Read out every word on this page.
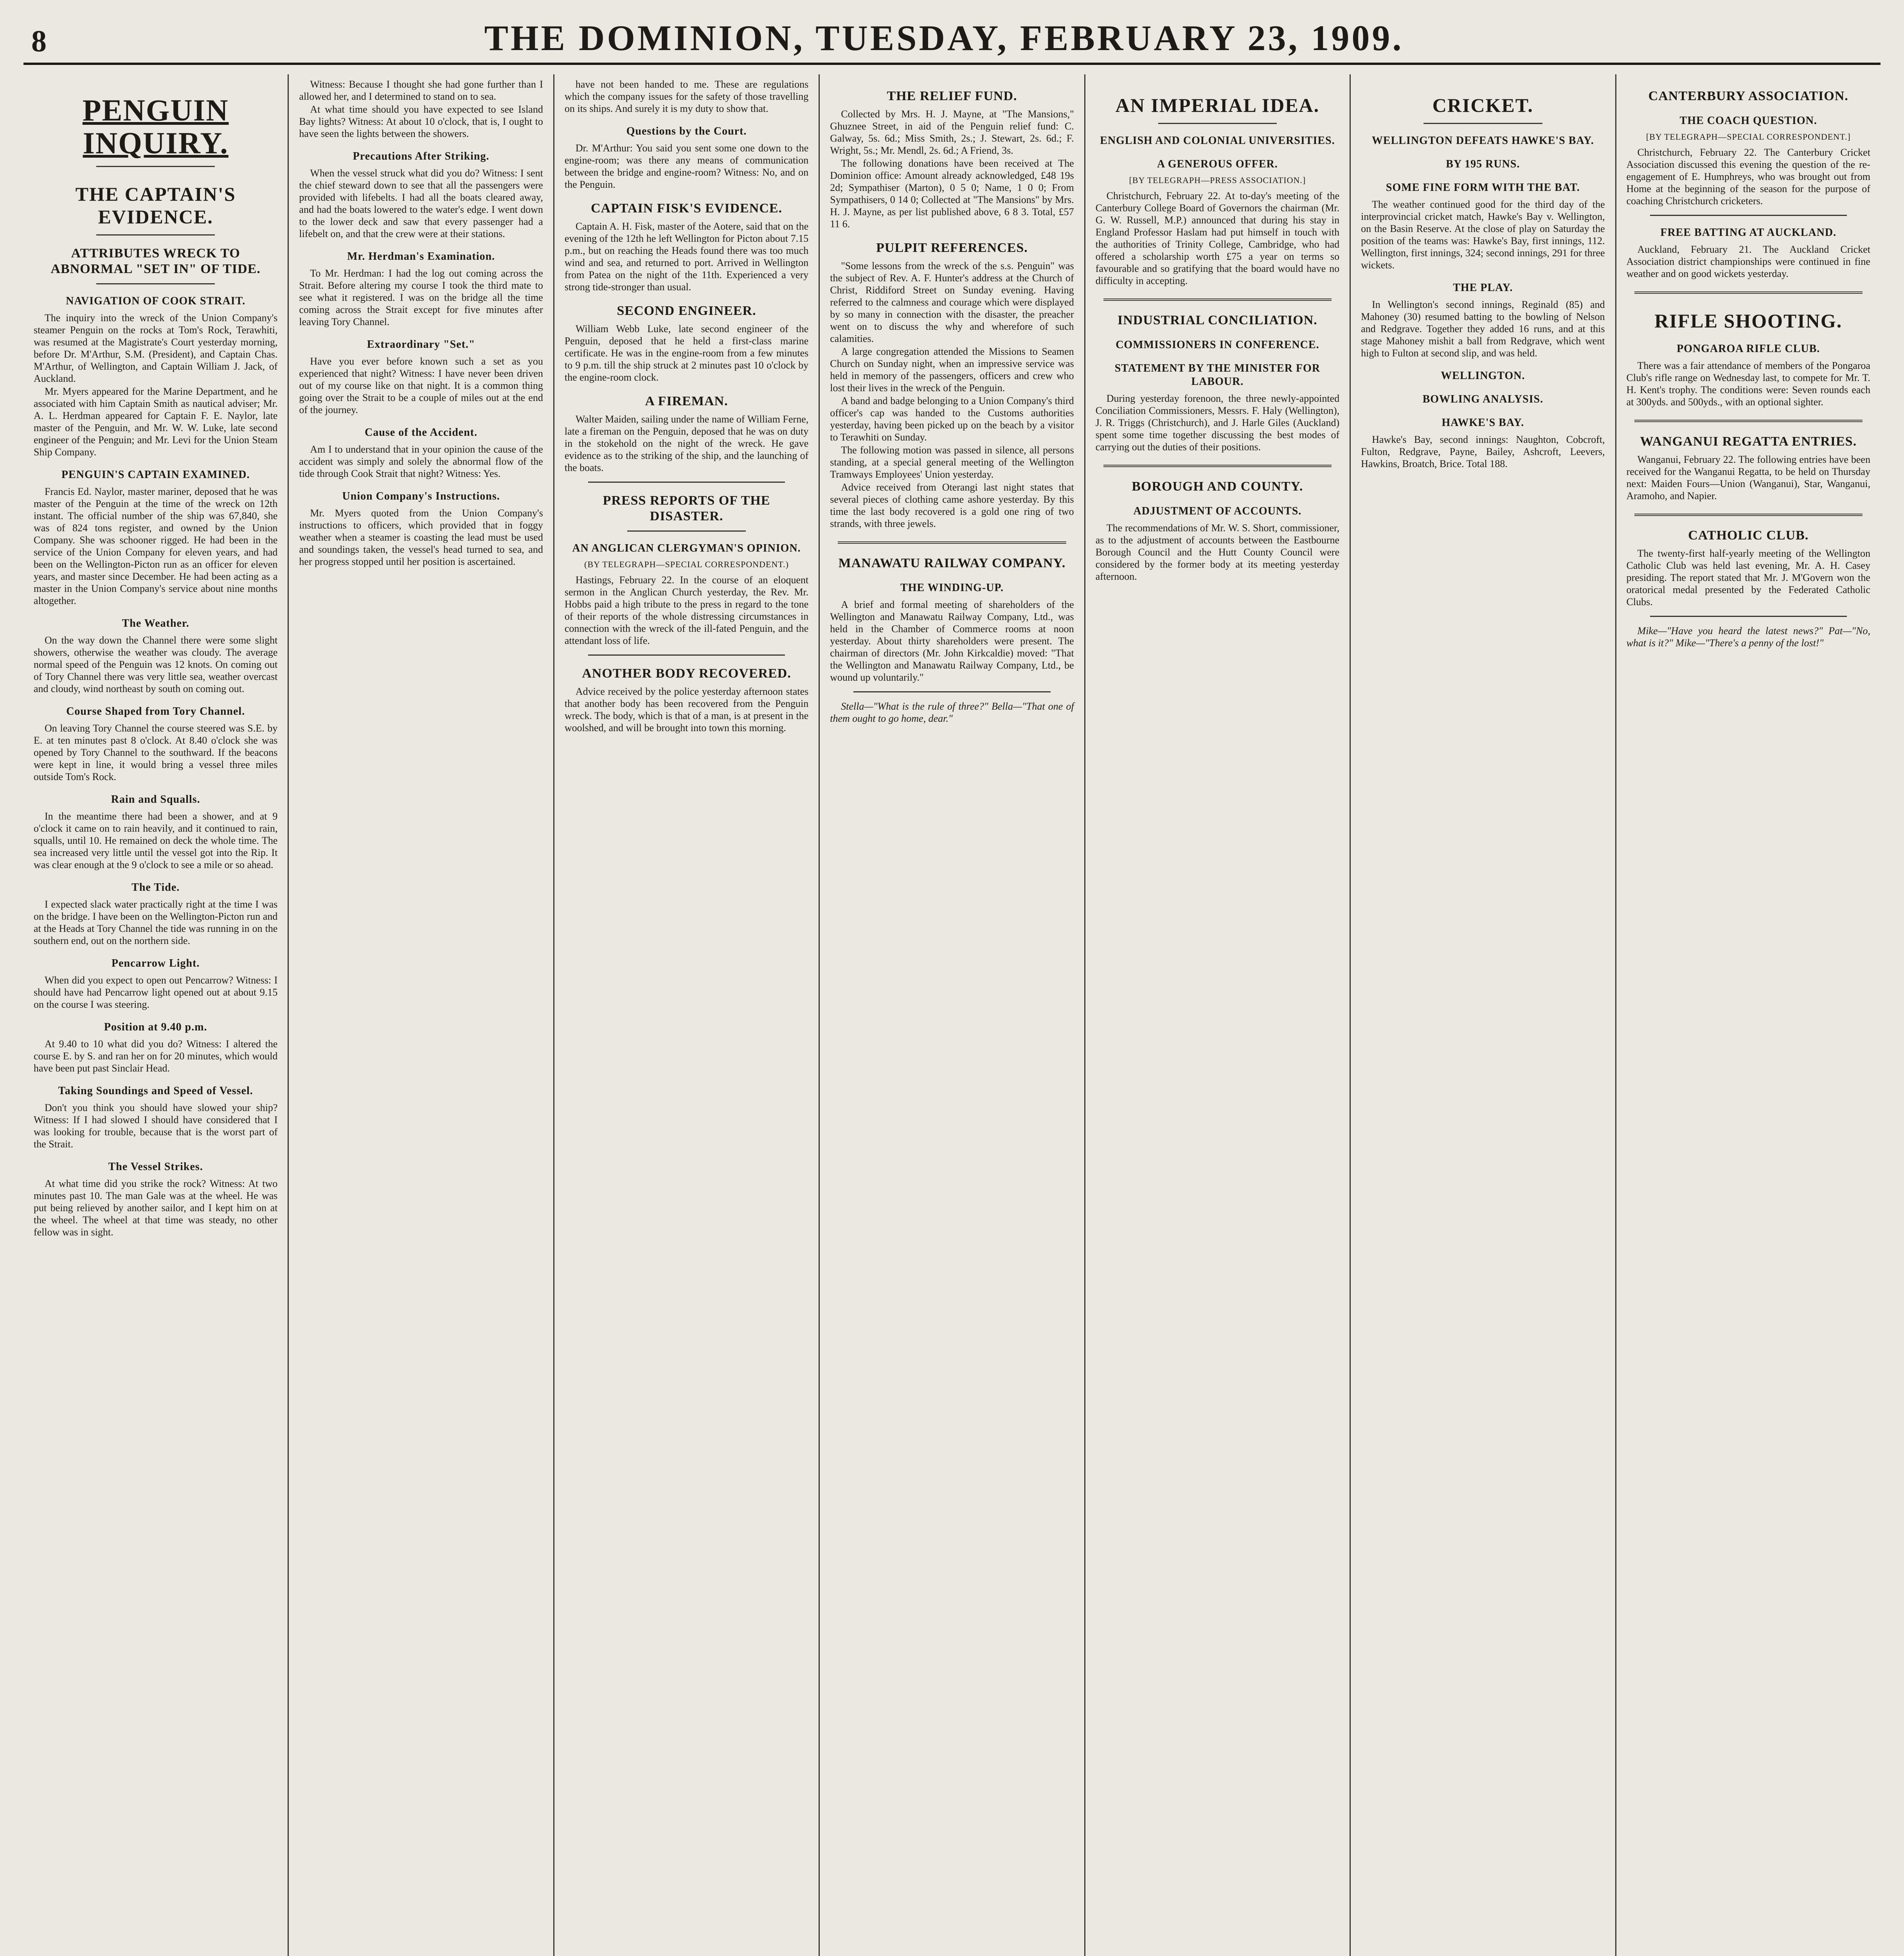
8	THE DOMINION, TUESDAY, FEBRUARY 23, 1909.
PENGUIN INQUIRY.
THE CAPTAIN'S EVIDENCE.
ATTRIBUTES WRECK TO ABNORMAL "SET IN" OF TIDE.
NAVIGATION OF COOK STRAIT.

The inquiry into the wreck of the Union Company's steamer Penguin on the rocks at Tom's Rock, Terawhiti, was resumed at the Magistrate's Court yesterday morning, before Dr. M'Arthur, S.M. (President), and Captain Chas. M'Arthur, of Wellington, and Captain William J. Jack, of Auckland.

Mr. Myers appeared for the Marine Department, and he associated with him Captain Smith as nautical adviser; Mr. A. L. Herdman appeared for Captain F. E. Naylor, late master of the Penguin, and Mr. W. W. Luke, late second engineer of the Penguin; and Mr. Levi for the Union Steam Ship Company.

PENGUIN'S CAPTAIN EXAMINED.

Francis Ed. Naylor, master mariner, deposed that he was master of the Penguin at the time of the wreck on 12th instant. The official number of the ship was 67,840, she was of 824 tons register, and owned by the Union Company. She was schooner rigged. He had been in the service of the Union Company for eleven years, and had been on the Wellington-Picton run as an officer for eleven years, and master since December. He had been acting as a master in the Union Company's service about nine months altogether.

The Weather.

On the way down the Channel there were some slight showers, otherwise the weather was cloudy. The average normal speed of the Penguin was 12 knots. On coming out of Tory Channel there was very little sea, weather overcast and cloudy, wind northeast by south on coming out.

Course Shaped from Tory Channel.

On leaving Tory Channel the course steered was S.E. by E. at ten minutes past 8 o'clock. At 8.40 o'clock she was opened by Tory Channel to the southward. If the beacons were kept in line, it would bring a vessel three miles outside Tom's Rock.

Rain and Squalls.

In the meantime there had been a shower, and at 9 o'clock it came on to rain heavily, and it continued to rain, squalls, until 10. He remained on deck the whole time. The sea increased very little until the vessel got into the Rip. It was clear enough at the 9 o'clock to see a mile or so ahead.

The Tide.

I expected slack water practically right at the time I was on the bridge. I have been on the Wellington-Picton run and at the Heads at Tory Channel the tide was running in on the southern end, out on the northern side.

Pencarrow Light.

When did you expect to open out Pencarrow? Witness: I should have had Pencarrow light opened out at about 9.15 on the course I was steering.

Position at 9.40 p.m.

At 9.40 to 10 what did you do? Witness: I altered the course E. by S. and ran her on for 20 minutes, which would have been put past Sinclair Head.

Taking Soundings and Speed of Vessel.

Don't you think you should have slowed your ship? Witness: If I had slowed I should have considered that I was looking for trouble, because that is the worst part of the Strait.

The Vessel Strikes.

At what time did you strike the rock? Witness: At two minutes past 10. The man Gale was at the wheel. He was put being relieved by another sailor, and I kept him on at the wheel. The wheel at that time was steady, no other fellow was in sight.

Witness: Because I thought she had gone further than I allowed her, and I determined to stand on to sea.

At what time should you have expected to see Island Bay lights? Witness: At about 10 o'clock, that is, I ought to have seen the lights between the showers.

Precautions After Striking.

When the vessel struck what did you do? Witness: I sent the chief steward down to see that all the passengers were provided with lifebelts. I had all the boats cleared away, and had the boats lowered to the water's edge. I went down to the lower deck and saw that every passenger had a lifebelt on, and that the crew were at their stations.

Mr. Herdman's Examination.

To Mr. Herdman: I had the log out coming across the Strait. Before altering my course I took the third mate to see what it registered. I was on the bridge all the time coming across the Strait except for five minutes after leaving Tory Channel.

Extraordinary "Set."

Have you ever before known such a set as you experienced that night? Witness: I have never been driven out of my course like on that night. It is a common thing going over the Strait to be a couple of miles out at the end of the journey.

Cause of the Accident.

Am I to understand that in your opinion the cause of the accident was simply and solely the abnormal flow of the tide through Cook Strait that night? Witness: Yes.

Union Company's Instructions.

Mr. Myers quoted from the Union Company's instructions to officers, which provided that in foggy weather when a steamer is coasting the lead must be used and soundings taken, the vessel's head turned to sea, and her progress stopped until her position is ascertained.

have not been handed to me. These are regulations which the company issues for the safety of those travelling on its ships. And surely it is my duty to show that.

Questions by the Court.

Dr. M'Arthur: You said you sent some one down to the engine-room; was there any means of communication between the bridge and engine-room? Witness: No, and on the Penguin.

CAPTAIN FISK'S EVIDENCE.

Captain A. H. Fisk, master of the Aotere, said that on the evening of the 12th he left Wellington for Picton about 7.15 p.m., but on reaching the Heads found there was too much wind and sea, and returned to port. Arrived in Wellington from Patea on the night of the 11th. Experienced a very strong tide-stronger than usual.

SECOND ENGINEER.

William Webb Luke, late second engineer of the Penguin, deposed that he held a first-class marine certificate. He was in the engine-room from a few minutes to 9 p.m. till the ship struck at 2 minutes past 10 o'clock by the engine-room clock.

A FIREMAN.

Walter Maiden, sailing under the name of William Ferne, late a fireman on the Penguin, deposed that he was on duty in the stokehold on the night of the wreck. He gave evidence as to the striking of the ship, and the launching of the boats.

PRESS REPORTS OF THE DISASTER.
AN ANGLICAN CLERGYMAN'S OPINION.
(BY TELEGRAPH—SPECIAL CORRESPONDENT.)

Hastings, February 22. In the course of an eloquent sermon in the Anglican Church yesterday, the Rev. Mr. Hobbs paid a high tribute to the press in regard to the tone of their reports of the whole distressing circumstances in connection with the wreck of the ill-fated Penguin, and the attendant loss of life.

ANOTHER BODY RECOVERED.

Advice received by the police yesterday afternoon states that another body has been recovered from the Penguin wreck. The body, which is that of a man, is at present in the woolshed, and will be brought into town this morning.

THE RELIEF FUND.

Collected by Mrs. H. J. Mayne, at "The Mansions," Ghuznee Street, in aid of the Penguin relief fund: C. Galway, 5s. 6d.; Miss Smith, 2s.; J. Stewart, 2s. 6d.; F. Wright, 5s.; Mr. Mendl, 2s. 6d.; A Friend, 3s.

The following donations have been received at The Dominion office: Amount already acknowledged, £48 19s 2d; Sympathiser (Marton), 0 5 0; Name, 1 0 0; From Sympathisers, 0 14 0; Collected at "The Mansions" by Mrs. H. J. Mayne, as per list published above, 6 8 3. Total, £57 11 6.

PULPIT REFERENCES.

"Some lessons from the wreck of the s.s. Penguin" was the subject of Rev. A. F. Hunter's address at the Church of Christ, Riddiford Street on Sunday evening. Having referred to the calmness and courage which were displayed by so many in connection with the disaster, the preacher went on to discuss the why and wherefore of such calamities.

A large congregation attended the Missions to Seamen Church on Sunday night, when an impressive service was held in memory of the passengers, officers and crew who lost their lives in the wreck of the Penguin.

A band and badge belonging to a Union Company's third officer's cap was handed to the Customs authorities yesterday, having been picked up on the beach by a visitor to Terawhiti on Sunday.

The following motion was passed in silence, all persons standing, at a special general meeting of the Wellington Tramways Employees' Union yesterday.

Advice received from Oterangi last night states that several pieces of clothing came ashore yesterday. By this time the last body recovered is a gold one ring of two strands, with three jewels.

MANAWATU RAILWAY COMPANY.
THE WINDING-UP.

A brief and formal meeting of shareholders of the Wellington and Manawatu Railway Company, Ltd., was held in the Chamber of Commerce rooms at noon yesterday. About thirty shareholders were present. The chairman of directors (Mr. John Kirkcaldie) moved: "That the Wellington and Manawatu Railway Company, Ltd., be wound up voluntarily."

Stella—"What is the rule of three?" Bella—"That one of them ought to go home, dear."

AN IMPERIAL IDEA.
ENGLISH AND COLONIAL UNIVERSITIES.
A GENEROUS OFFER.
[BY TELEGRAPH—PRESS ASSOCIATION.]

Christchurch, February 22. At to-day's meeting of the Canterbury College Board of Governors the chairman (Mr. G. W. Russell, M.P.) announced that during his stay in England Professor Haslam had put himself in touch with the authorities of Trinity College, Cambridge, who had offered a scholarship worth £75 a year on terms so favourable and so gratifying that the board would have no difficulty in accepting.

INDUSTRIAL CONCILIATION.
COMMISSIONERS IN CONFERENCE.
STATEMENT BY THE MINISTER FOR LABOUR.

During yesterday forenoon, the three newly-appointed Conciliation Commissioners, Messrs. F. Haly (Wellington), J. R. Triggs (Christchurch), and J. Harle Giles (Auckland) spent some time together discussing the best modes of carrying out the duties of their positions.

BOROUGH AND COUNTY.
ADJUSTMENT OF ACCOUNTS.

The recommendations of Mr. W. S. Short, commissioner, as to the adjustment of accounts between the Eastbourne Borough Council and the Hutt County Council were considered by the former body at its meeting yesterday afternoon.

CRICKET.
WELLINGTON DEFEATS HAWKE'S BAY.
BY 195 RUNS.
SOME FINE FORM WITH THE BAT.

The weather continued good for the third day of the interprovincial cricket match, Hawke's Bay v. Wellington, on the Basin Reserve. At the close of play on Saturday the position of the teams was: Hawke's Bay, first innings, 112. Wellington, first innings, 324; second innings, 291 for three wickets.

THE PLAY.

In Wellington's second innings, Reginald (85) and Mahoney (30) resumed batting to the bowling of Nelson and Redgrave. Together they added 16 runs, and at this stage Mahoney mishit a ball from Redgrave, which went high to Fulton at second slip, and was held.

WELLINGTON.
BOWLING ANALYSIS.
HAWKE'S BAY.

Hawke's Bay, second innings: Naughton, Cobcroft, Fulton, Redgrave, Payne, Bailey, Ashcroft, Leevers, Hawkins, Broatch, Brice. Total 188.

CANTERBURY ASSOCIATION.
THE COACH QUESTION.
[BY TELEGRAPH—SPECIAL CORRESPONDENT.]

Christchurch, February 22. The Canterbury Cricket Association discussed this evening the question of the re-engagement of E. Humphreys, who was brought out from Home at the beginning of the season for the purpose of coaching Christchurch cricketers.

FREE BATTING AT AUCKLAND.

Auckland, February 21. The Auckland Cricket Association district championships were continued in fine weather and on good wickets yesterday.

RIFLE SHOOTING.
PONGAROA RIFLE CLUB.

There was a fair attendance of members of the Pongaroa Club's rifle range on Wednesday last, to compete for Mr. T. H. Kent's trophy. The conditions were: Seven rounds each at 300yds. and 500yds., with an optional sighter.

WANGANUI REGATTA ENTRIES.

Wanganui, February 22. The following entries have been received for the Wanganui Regatta, to be held on Thursday next: Maiden Fours—Union (Wanganui), Star, Wanganui, Aramoho, and Napier.

CATHOLIC CLUB.

The twenty-first half-yearly meeting of the Wellington Catholic Club was held last evening, Mr. A. H. Casey presiding. The report stated that Mr. J. M'Govern won the oratorical medal presented by the Federated Catholic Clubs.

Mike—"Have you heard the latest news?" Pat—"No, what is it?" Mike—"There's a penny of the lost!"
